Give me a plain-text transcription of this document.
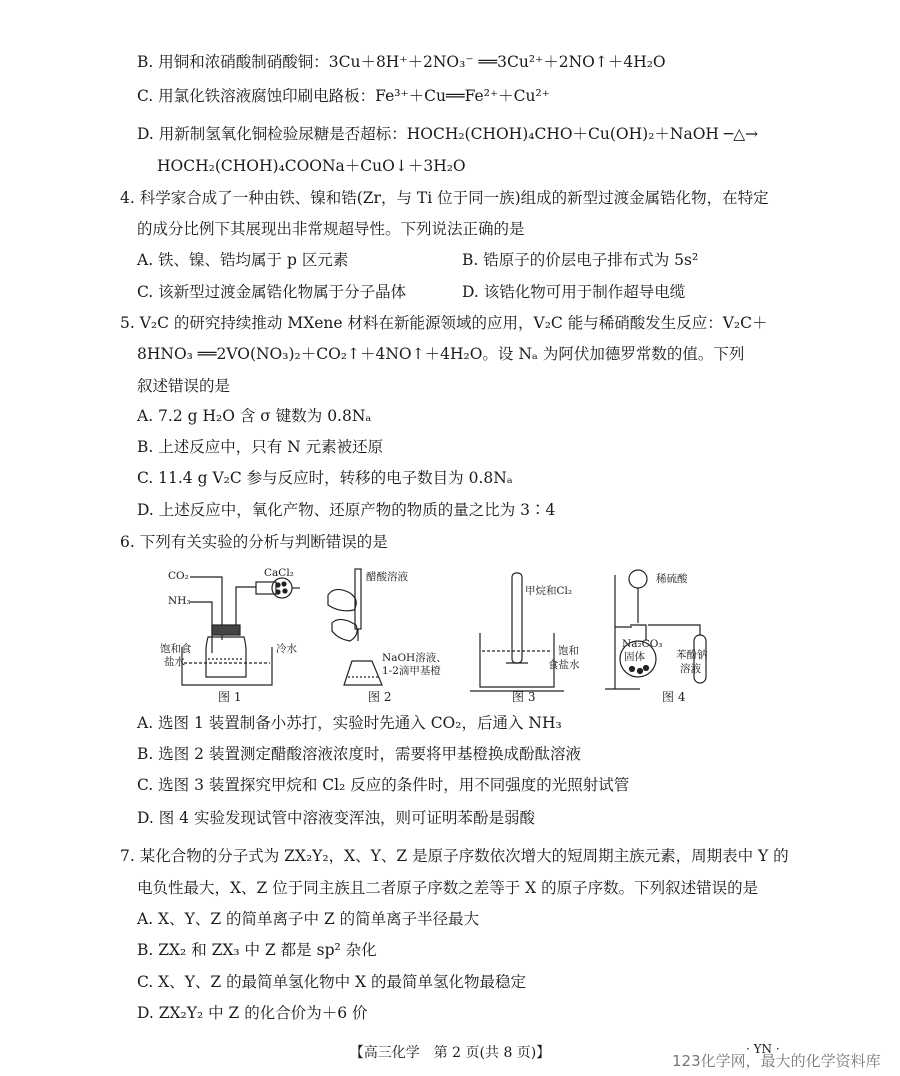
B. 用铜和浓硝酸制硝酸铜：3Cu＋8H⁺＋2NO₃⁻ ══3Cu²⁺＋2NO↑＋4H₂O
C. 用氯化铁溶液腐蚀印刷电路板：Fe³⁺＋Cu══Fe²⁺＋Cu²⁺
D. 用新制氢氧化铜检验尿糖是否超标：HOCH₂(CHOH)₄CHO＋Cu(OH)₂＋NaOH ─△→
HOCH₂(CHOH)₄COONa＋CuO↓＋3H₂O
4. 科学家合成了一种由铁、镍和锆(Zr，与 Ti 位于同一族)组成的新型过渡金属锆化物，在特定
的成分比例下其展现出非常规超导性。下列说法正确的是
A. 铁、镍、锆均属于 p 区元素	B. 锆原子的价层电子排布式为 5s²
C. 该新型过渡金属锆化物属于分子晶体	D. 该锆化物可用于制作超导电缆
5. V₂C 的研究持续推动 MXene 材料在新能源领域的应用，V₂C 能与稀硝酸发生反应：V₂C＋
8HNO₃ ══2VO(NO₃)₂＋CO₂↑＋4NO↑＋4H₂O。设 Nₐ 为阿伏加德罗常数的值。下列
叙述错误的是
A. 7.2 g H₂O 含 σ 键数为 0.8Nₐ
B. 上述反应中，只有 N 元素被还原
C. 11.4 g V₂C 参与反应时，转移的电子数目为 0.8Nₐ
D. 上述反应中，氧化产物、还原产物的物质的量之比为 3∶4
6. 下列有关实验的分析与判断错误的是
CO₂
NH₃
CaCl₂
饱和食
盐水
冷水
醋酸溶液
NaOH溶液、
1-2滴甲基橙
甲烷和Cl₂
饱和
食盐水
稀硫酸
Na₂CO₃
固体	苯酚钠
溶液
图 1	图 2	图 3	图 4
A. 选图 1 装置制备小苏打，实验时先通入 CO₂，后通入 NH₃
B. 选图 2 装置测定醋酸溶液浓度时，需要将甲基橙换成酚酞溶液
C. 选图 3 装置探究甲烷和 Cl₂ 反应的条件时，用不同强度的光照射试管
D. 图 4 实验发现试管中溶液变浑浊，则可证明苯酚是弱酸
7. 某化合物的分子式为 ZX₂Y₂，X、Y、Z 是原子序数依次增大的短周期主族元素，周期表中 Y 的
电负性最大，X、Z 位于同主族且二者原子序数之差等于 X 的原子序数。下列叙述错误的是
A. X、Y、Z 的简单离子中 Z 的简单离子半径最大
B. ZX₂ 和 ZX₃ 中 Z 都是 sp² 杂化
C. X、Y、Z 的最简单氢化物中 X 的最简单氢化物最稳定
D. ZX₂Y₂ 中 Z 的化合价为＋6 价
【高三化学　第 2 页(共 8 页)】	· YN ·
123化学网，最大的化学资料库
